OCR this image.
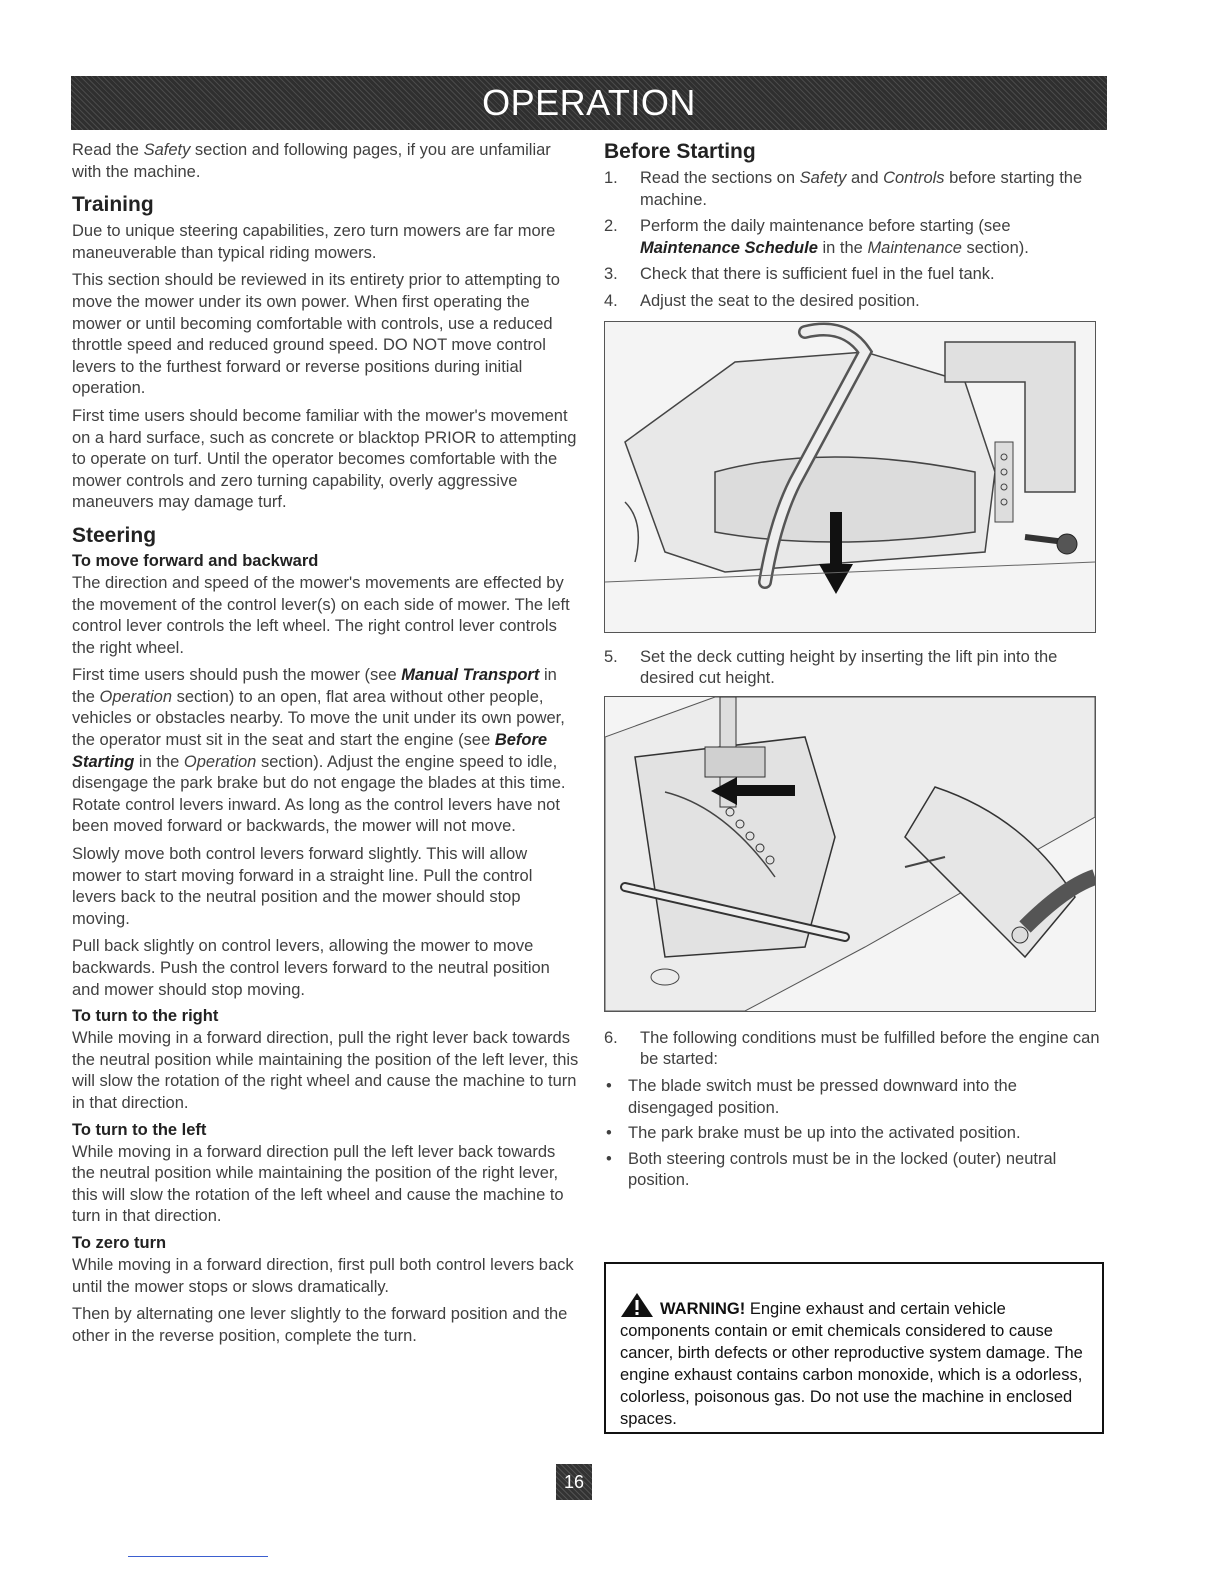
OPERATION

Read the Safety section and following pages, if you are unfamiliar with the machine.

Training

Due to unique steering capabilities, zero turn mowers are far more maneuverable than typical riding mowers.

This section should be reviewed in its entirety prior to attempting to move the mower under its own power. When first operating the mower or until becoming comfortable with controls, use a reduced throttle speed and reduced ground speed. DO NOT move control levers to the furthest forward or reverse positions during initial operation.

First time users should become familiar with the mower's movement on a hard surface, such as concrete or blacktop PRIOR to attempting to operate on turf. Until the operator becomes comfortable with the mower controls and zero turning capability, overly aggressive maneuvers may damage turf.

Steering
To move forward and backward

The direction and speed of the mower's movements are effected by the movement of the control lever(s) on each side of mower. The left control lever controls the left wheel. The right control lever controls the right wheel.

First time users should push the mower (see Manual Transport in the Operation section) to an open, flat area without other people, vehicles or obstacles nearby. To move the unit under its own power, the operator must sit in the seat and start the engine (see Before Starting in the Operation section). Adjust the engine speed to idle, disengage the park brake but do not engage the blades at this time. Rotate control levers inward. As long as the control levers have not been moved forward or backwards, the mower will not move.

Slowly move both control levers forward slightly. This will allow mower to start moving forward in a straight line. Pull the control levers back to the neutral position and the mower should stop moving.

Pull back slightly on control levers, allowing the mower to move backwards. Push the control levers forward to the neutral position and mower should stop moving.

To turn to the right

While moving in a forward direction, pull the right lever back towards the neutral position while maintaining the position of the left lever, this will slow the rotation of the right wheel and cause the machine to turn in that direction.

To turn to the left

While moving in a forward direction pull the left lever back towards the neutral position while maintaining the position of the right lever, this will slow the rotation of the left wheel and cause the machine to turn in that direction.

To zero turn

While moving in a forward direction, first pull both control levers back until the mower stops or slows dramatically.

Then by alternating one lever slightly to the forward position and the other in the reverse position, complete the turn.

Before Starting
1. Read the sections on Safety and Controls before starting the machine.
2. Perform the daily maintenance before starting (see Maintenance Schedule in the Maintenance section).
3. Check that there is sufficient fuel in the fuel tank.
4. Adjust the seat to the desired position.
5. Set the deck cutting height by inserting the lift pin into the desired cut height.
6. The following conditions must be fulfilled before the engine can be started:
• The blade switch must be pressed downward into the disengaged position.
• The park brake must be up into the activated position.
• Both steering controls must be in the locked (outer) neutral position.

WARNING! Engine exhaust and certain vehicle components contain or emit chemicals considered to cause cancer, birth defects or other reproductive system damage. The engine exhaust contains carbon monoxide, which is a odorless, colorless, poisonous gas. Do not use the machine in enclosed spaces.

16
